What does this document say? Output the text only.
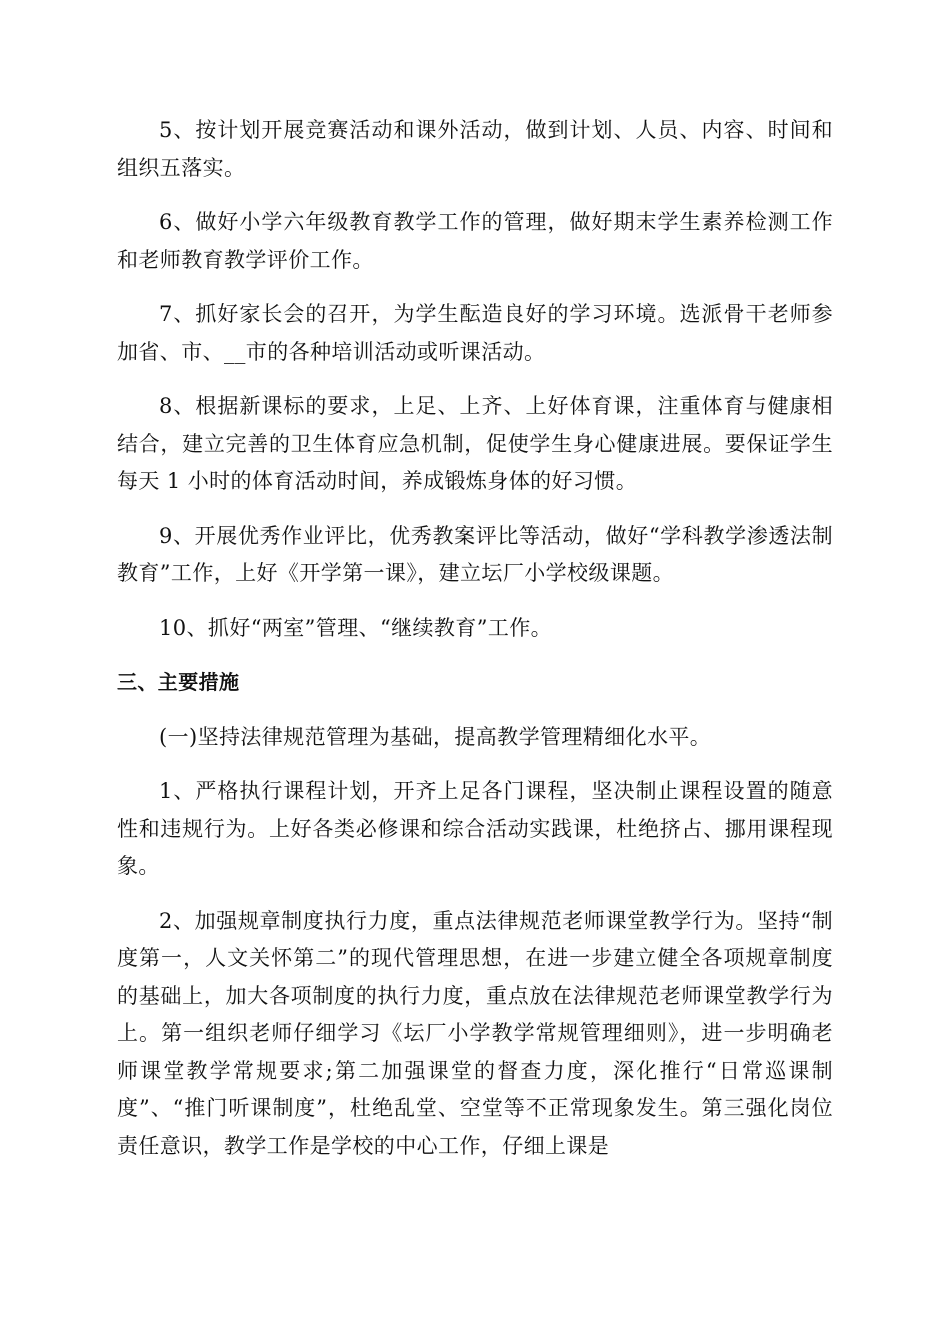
5、按计划开展竞赛活动和课外活动，做到计划、人员、内容、时间和组织五落实。

6、做好小学六年级教育教学工作的管理，做好期末学生素养检测工作和老师教育教学评价工作。

7、抓好家长会的召开，为学生酝造良好的学习环境。选派骨干老师参加省、市、__市的各种培训活动或听课活动。

8、根据新课标的要求，上足、上齐、上好体育课，注重体育与健康相结合，建立完善的卫生体育应急机制，促使学生身心健康进展。要保证学生每天 1 小时的体育活动时间，养成锻炼身体的好习惯。

9、开展优秀作业评比，优秀教案评比等活动，做好“学科教学渗透法制教育”工作，上好《开学第一课》，建立坛厂小学校级课题。

10、抓好“两室”管理、“继续教育”工作。

三、主要措施

(一)坚持法律规范管理为基础，提高教学管理精细化水平。

1、严格执行课程计划，开齐上足各门课程，坚决制止课程设置的随意性和违规行为。上好各类必修课和综合活动实践课，杜绝挤占、挪用课程现象。

2、加强规章制度执行力度，重点法律规范老师课堂教学行为。坚持“制度第一，人文关怀第二”的现代管理思想，在进一步建立健全各项规章制度的基础上，加大各项制度的执行力度，重点放在法律规范老师课堂教学行为上。第一组织老师仔细学习《坛厂小学教学常规管理细则》，进一步明确老师课堂教学常规要求;第二加强课堂的督查力度，深化推行“日常巡课制度”、“推门听课制度”，杜绝乱堂、空堂等不正常现象发生。第三强化岗位责任意识，教学工作是学校的中心工作，仔细上课是
